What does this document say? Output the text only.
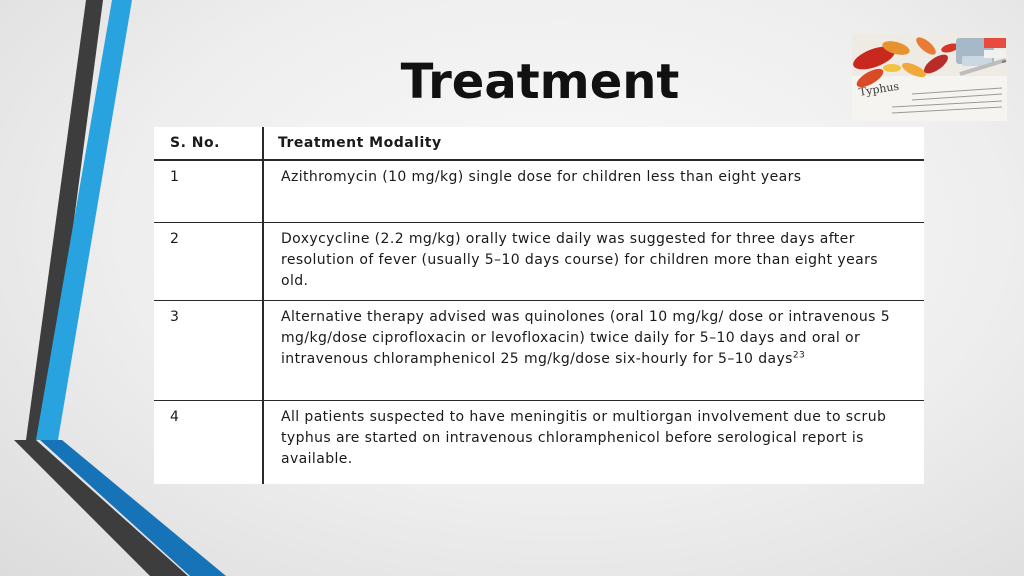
Treatment	Typhus
S. No.	Treatment Modality
1	Azithromycin (10 mg/kg) single dose for children less than eight years
2	Doxycycline (2.2 mg/kg) orally twice daily was suggested for three days after resolution of fever (usually 5–10 days course) for children more than eight years old.
3	Alternative therapy advised was quinolones (oral 10 mg/kg/ dose or intravenous 5 mg/kg/dose ciprofloxacin or levofloxacin) twice daily for 5–10 days and oral or intravenous chloramphenicol 25 mg/kg/dose six-hourly for 5–10 days$^{23}$
4	All patients suspected to have meningitis or multiorgan involvement due to scrub typhus are started on intravenous chloramphenicol before serological report is available.
